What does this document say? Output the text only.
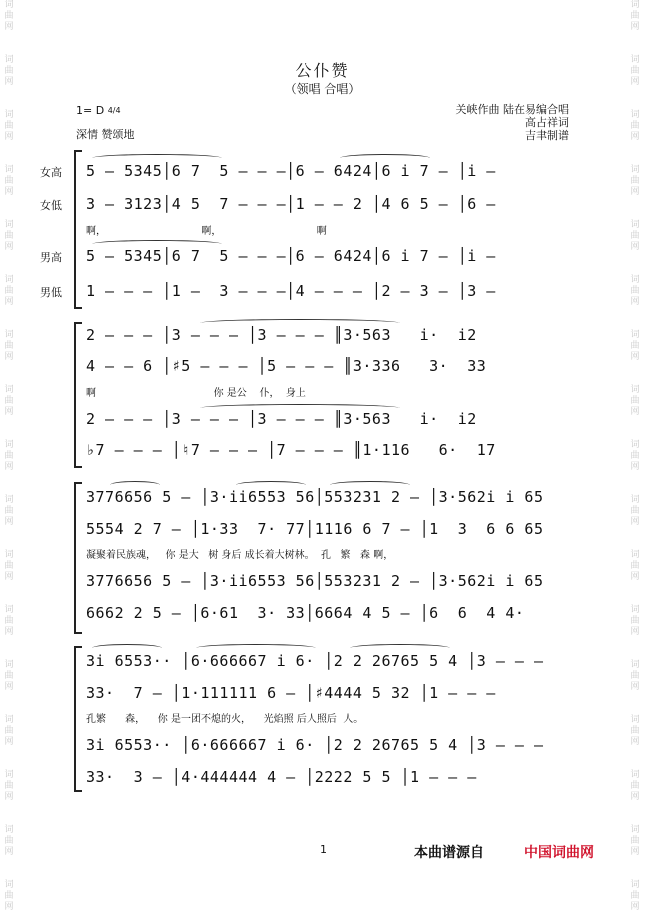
词
曲
网

词
曲
网

词
曲
网

词
曲
网

词
曲
网

词
曲
网

词
曲
网

词
曲
网

词
曲
网

词
曲
网

词
曲
网

词
曲
网

词
曲
网

词
曲
网

词
曲
网

词
曲
网

词
曲
网
词
曲
网

词
曲
网

词
曲
网

词
曲
网

词
曲
网

词
曲
网

词
曲
网

词
曲
网

词
曲
网

词
曲
网

词
曲
网

词
曲
网

词
曲
网

词
曲
网

词
曲
网

词
曲
网

词
曲
网
公仆赞
（领唱 合唱）
1= D 4/4
深情 赞颂地
关峡作曲 陆在易编合唱
高占祥词
吉聿制谱
女高
女低
男高
男低
5 — 5345│6 7  5 — — —│6 — 6424│6 i 7 — │i —
3 — 3123│4 5  7 — — —│1 — — 2 │4 6 5 — │6 —
啊，                              啊，                              啊
5 — 5345│6 7  5 — — —│6 — 6424│6 i 7 — │i —
1 — — — │1 —  3 — — —│4 — — — │2 — 3 — │3 —
2 — — — │3 — — — │3 — — — ║3·563   i·  i2
4 — — 6 │♯5 — — — │5 — — — ║3·336   3·  33
啊                                     你 是公    仆，  身上
2 — — — │3 — — — │3 — — — ║3·563   i·  i2
♭7 — — — │♮7 — — — │7 — — — ║1·116   6·  17
3776656 5 — │3·ii6553 56│553231 2 — │3·562i i 65
5554 2 7 — │1·33  7· 77│1116 6 7 — │1  3  6 6 65
凝聚着民族魂，   你 是大   树 身后 成长着大树林。  孔   繁   森 啊，
3776656 5 — │3·ii6553 56│553231 2 — │3·562i i 65
6662 2 5 — │6·61  3· 33│6664 4 5 — │6  6  4 4·
3i 6553·· │6·666667 i 6· │2 2 26765 5 4 │3 — — —
33·  7 — │1·111111 6 — │♯4444 5 32 │1 — — —
孔繁      森，    你 是一团不熄的火，    光焰照 后人照后  人。
3i 6553·· │6·666667 i 6· │2 2 26765 5 4 │3 — — —
33·  3 — │4·444444 4 — │2222 5 5 │1 — — —
1	本曲谱源自	中国词曲网
